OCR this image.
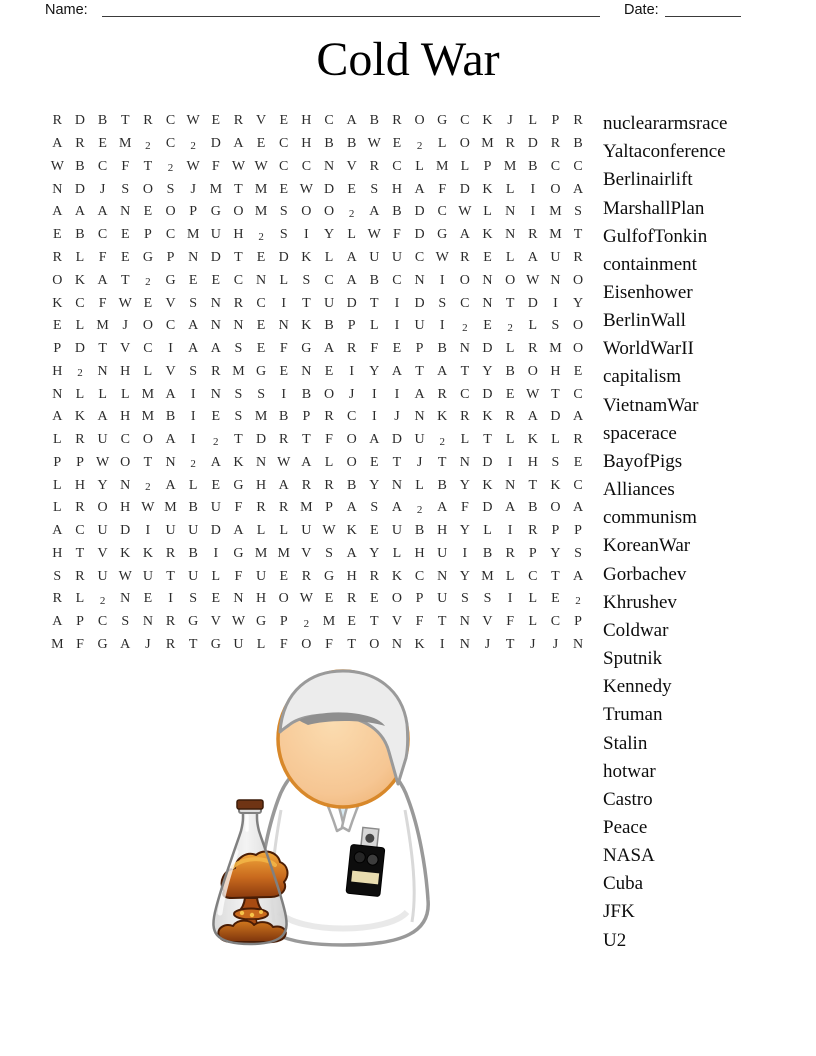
Name:	Date:
Cold War
R D B T R C W E R V E H C A B R O G C K	J	L	P	R
A R E M	2	C	2	D A E C H B B W E	2	L O M R D R B
W B C	F	T	2 W F W W C C N V R C L M L	P M B C C
N D	J	S O S	J M T M E W D E	S H A F D K L	I	O A
A A A N E O P G O M S O O	2	A B D C W L N	I	M S
E B C E	P	C M U H	2	S	I	Y L W F D G A K N R M T
R L	F	E G P N D T	E D K L A U U C W R E	L A U R
O K A T	2	G E	E C N L	S	C A B C N	I	O N O W N O
K C	F W E V S N R C	I	T U D T	I	D S	C N T D	I	Y
E	L M J	O C A N N E N K B	P	L	I	U	I	2	E	2	L	S O
P D T V C	I	A A S	E	F G A R	F	E	P	B N D L R M O
H	2	N H L V S	R M G E N E	I	Y A T A T Y B O H E
N L	L	L M A	I	N S	S	I	B O	J	I	I	A R C D E W T C
A K A H M B	I	E	S M B	P	R C	I	J	N K R K R A D A
L R U C O A	I	2	T D R T	F O A D U	2	L	T	L K L R
P	P W O T N	2	A K N W A L O E	T	J	T N D	I	H S	E
L H Y N	2	A L	E G H A R R B Y N L B Y K N T K C
L R O H W M B U F	R R M P A S A	2	A F D A B O A
A C U D	I	U U D A L	L U W K E U B H Y L	I	R	P	P
H T V K K R B	I	G M M V S A Y L H U	I	B R	P Y S
S	R U W U T U L	F U E R G H R K C N Y M L C T A
R L	2	N E	I	S	E N H O W E R E O P U S	S	I	L	E	2
A P	C	S N R G V W G P	2 M E	T V F	T N V F	L C	P
M F G A	J	R T G U L	F O F	T O N K	I	N	J	T	J	J	N
nucleararmsrace
Yaltaconference
Berlinairlift
MarshallPlan
GulfofTonkin
containment
Eisenhower
BerlinWall
WorldWarII
capitalism
VietnamWar
spacerace
BayofPigs
Alliances
communism
KoreanWar
Gorbachev
Khrushev
Coldwar
Sputnik
Kennedy
Truman
Stalin
hotwar
Castro
Peace
NASA
Cuba
JFK
U2
